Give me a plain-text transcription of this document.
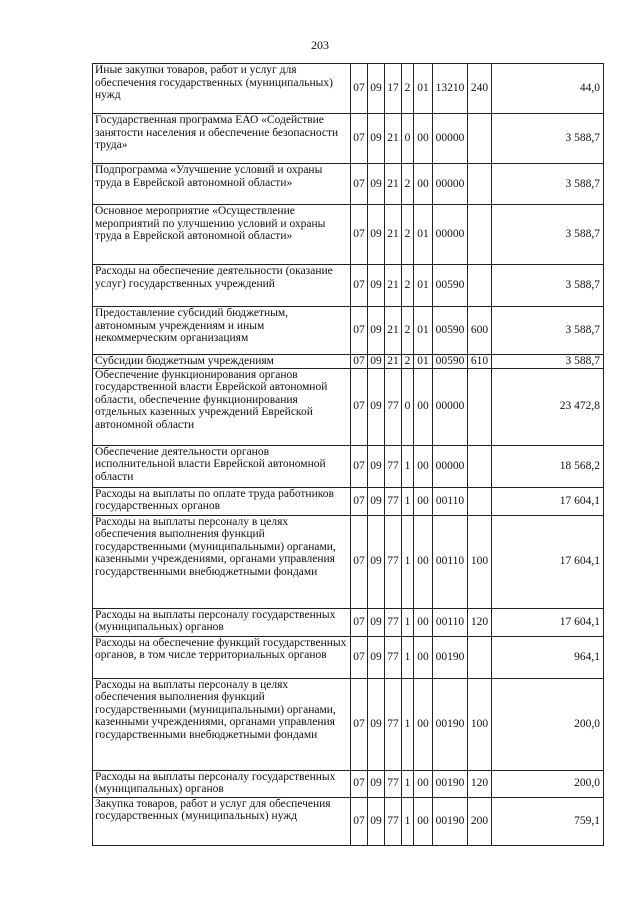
203
Иные закупки товаров, работ и услуг для обеспечения государственных (муниципальных) нужд	07	09	17	2	01	13210	240	44,0
Государственная программа ЕАО «Содействие занятости населения и обеспечение безопасности труда»	07	09	21	0	00	00000		3 588,7
Подпрограмма «Улучшение условий и охраны труда в Еврейской автономной области»	07	09	21	2	00	00000		3 588,7
Основное мероприятие «Осуществление мероприятий по улучшению условий и охраны труда в Еврейской автономной области»	07	09	21	2	01	00000		3 588,7
Расходы на обеспечение деятельности (оказание услуг) государственных учреждений	07	09	21	2	01	00590		3 588,7
Предоставление субсидий бюджетным, автономным учреждениям и иным некоммерческим организациям	07	09	21	2	01	00590	600	3 588,7
Субсидии бюджетным учреждениям	07	09	21	2	01	00590	610	3 588,7
Обеспечение функционирования органов государственной власти Еврейской автономной области, обеспечение функционирования отдельных казенных учреждений Еврейской автономной области	07	09	77	0	00	00000		23 472,8
Обеспечение деятельности органов исполнительной власти Еврейской автономной области	07	09	77	1	00	00000		18 568,2
Расходы на выплаты по оплате труда работников государственных органов	07	09	77	1	00	00110		17 604,1
Расходы на выплаты персоналу в целях обеспечения выполнения функций государственными (муниципальными) органами, казенными учреждениями, органами управления государственными внебюджетными фондами	07	09	77	1	00	00110	100	17 604,1
Расходы на выплаты персоналу государственных (муниципальных) органов	07	09	77	1	00	00110	120	17 604,1
Расходы на обеспечение функций государственных органов, в том числе территориальных органов	07	09	77	1	00	00190		964,1
Расходы на выплаты персоналу в целях обеспечения выполнения функций государственными (муниципальными) органами, казенными учреждениями, органами управления государственными внебюджетными фондами	07	09	77	1	00	00190	100	200,0
Расходы на выплаты персоналу государственных (муниципальных) органов	07	09	77	1	00	00190	120	200,0
Закупка товаров, работ и услуг для обеспечения государственных (муниципальных) нужд	07	09	77	1	00	00190	200	759,1
